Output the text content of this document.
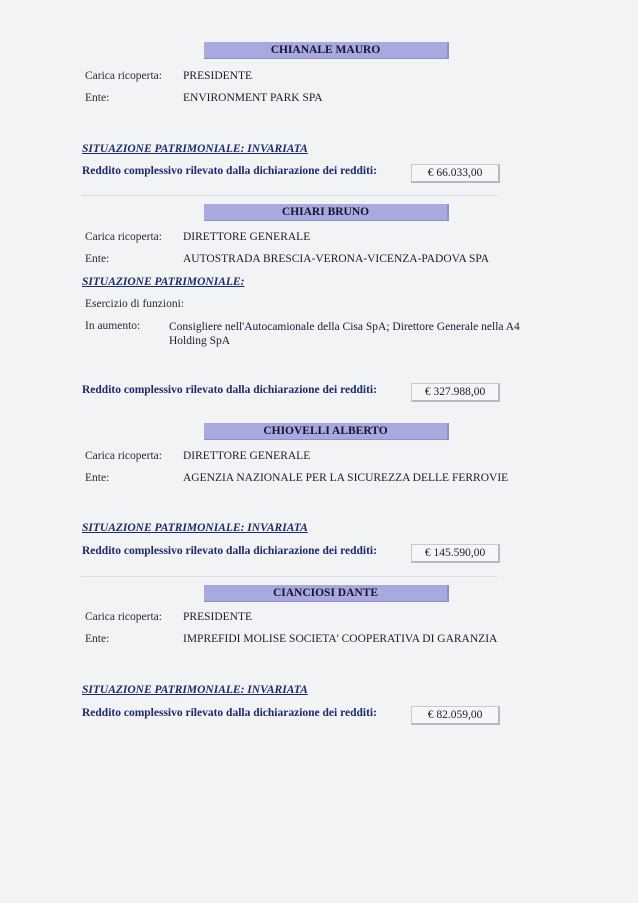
CHIANALE MAURO
Carica ricoperta: PRESIDENTE
Ente:	ENVIRONMENT PARK SPA
SITUAZIONE PATRIMONIALE: INVARIATA
Reddito complessivo rilevato dalla dichiarazione dei redditi:	€ 66.033,00
CHIARI BRUNO
Carica ricoperta: DIRETTORE GENERALE
Ente:	AUTOSTRADA BRESCIA-VERONA-VICENZA-PADOVA SPA
SITUAZIONE PATRIMONIALE:
Esercizio di funzioni:
In aumento:	Consigliere nell'Autocamionale della Cisa SpA; Direttore Generale nella A4 Holding SpA
Reddito complessivo rilevato dalla dichiarazione dei redditi:	€ 327.988,00
CHIOVELLI ALBERTO
Carica ricoperta: DIRETTORE GENERALE
Ente:	AGENZIA NAZIONALE PER LA SICUREZZA DELLE FERROVIE
SITUAZIONE PATRIMONIALE: INVARIATA
Reddito complessivo rilevato dalla dichiarazione dei redditi:	€ 145.590,00
CIANCIOSI DANTE
Carica ricoperta: PRESIDENTE
Ente:	IMPREFIDI MOLISE SOCIETA' COOPERATIVA DI GARANZIA
SITUAZIONE PATRIMONIALE: INVARIATA
Reddito complessivo rilevato dalla dichiarazione dei redditi:	€ 82.059,00
